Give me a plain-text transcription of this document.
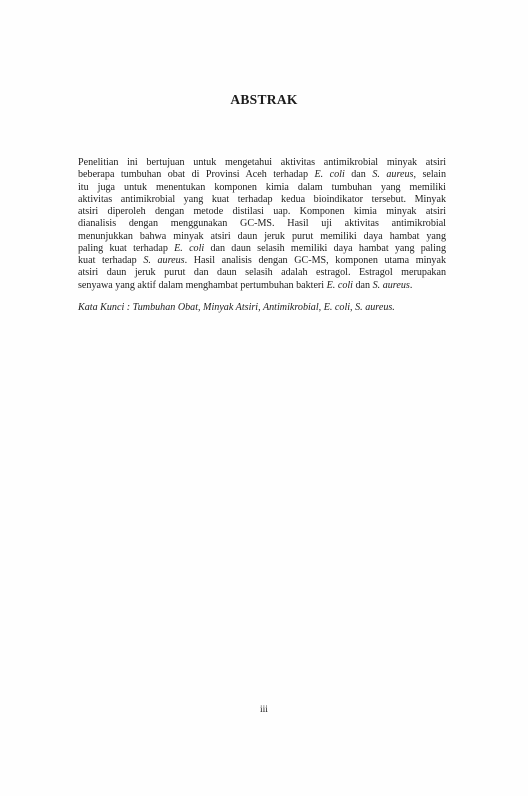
ABSTRAK
Penelitian ini bertujuan untuk mengetahui aktivitas antimikrobial minyak atsiri
beberapa tumbuhan obat di Provinsi Aceh terhadap E. coli dan S. aureus, selain
itu juga untuk menentukan komponen kimia dalam tumbuhan yang memiliki
aktivitas antimikrobial yang kuat terhadap kedua bioindikator tersebut. Minyak
atsiri diperoleh dengan metode distilasi uap. Komponen kimia minyak atsiri
dianalisis dengan menggunakan GC-MS. Hasil uji aktivitas antimikrobial
menunjukkan bahwa minyak atsiri daun jeruk purut memiliki daya hambat yang
paling kuat terhadap E. coli dan daun selasih memiliki daya hambat yang paling
kuat terhadap S. aureus. Hasil analisis dengan GC-MS, komponen utama minyak
atsiri daun jeruk purut dan daun selasih adalah estragol. Estragol merupakan
senyawa yang aktif dalam menghambat pertumbuhan bakteri E. coli dan S. aureus.

Kata Kunci : Tumbuhan Obat, Minyak Atsiri, Antimikrobial, E. coli, S. aureus.

iii
